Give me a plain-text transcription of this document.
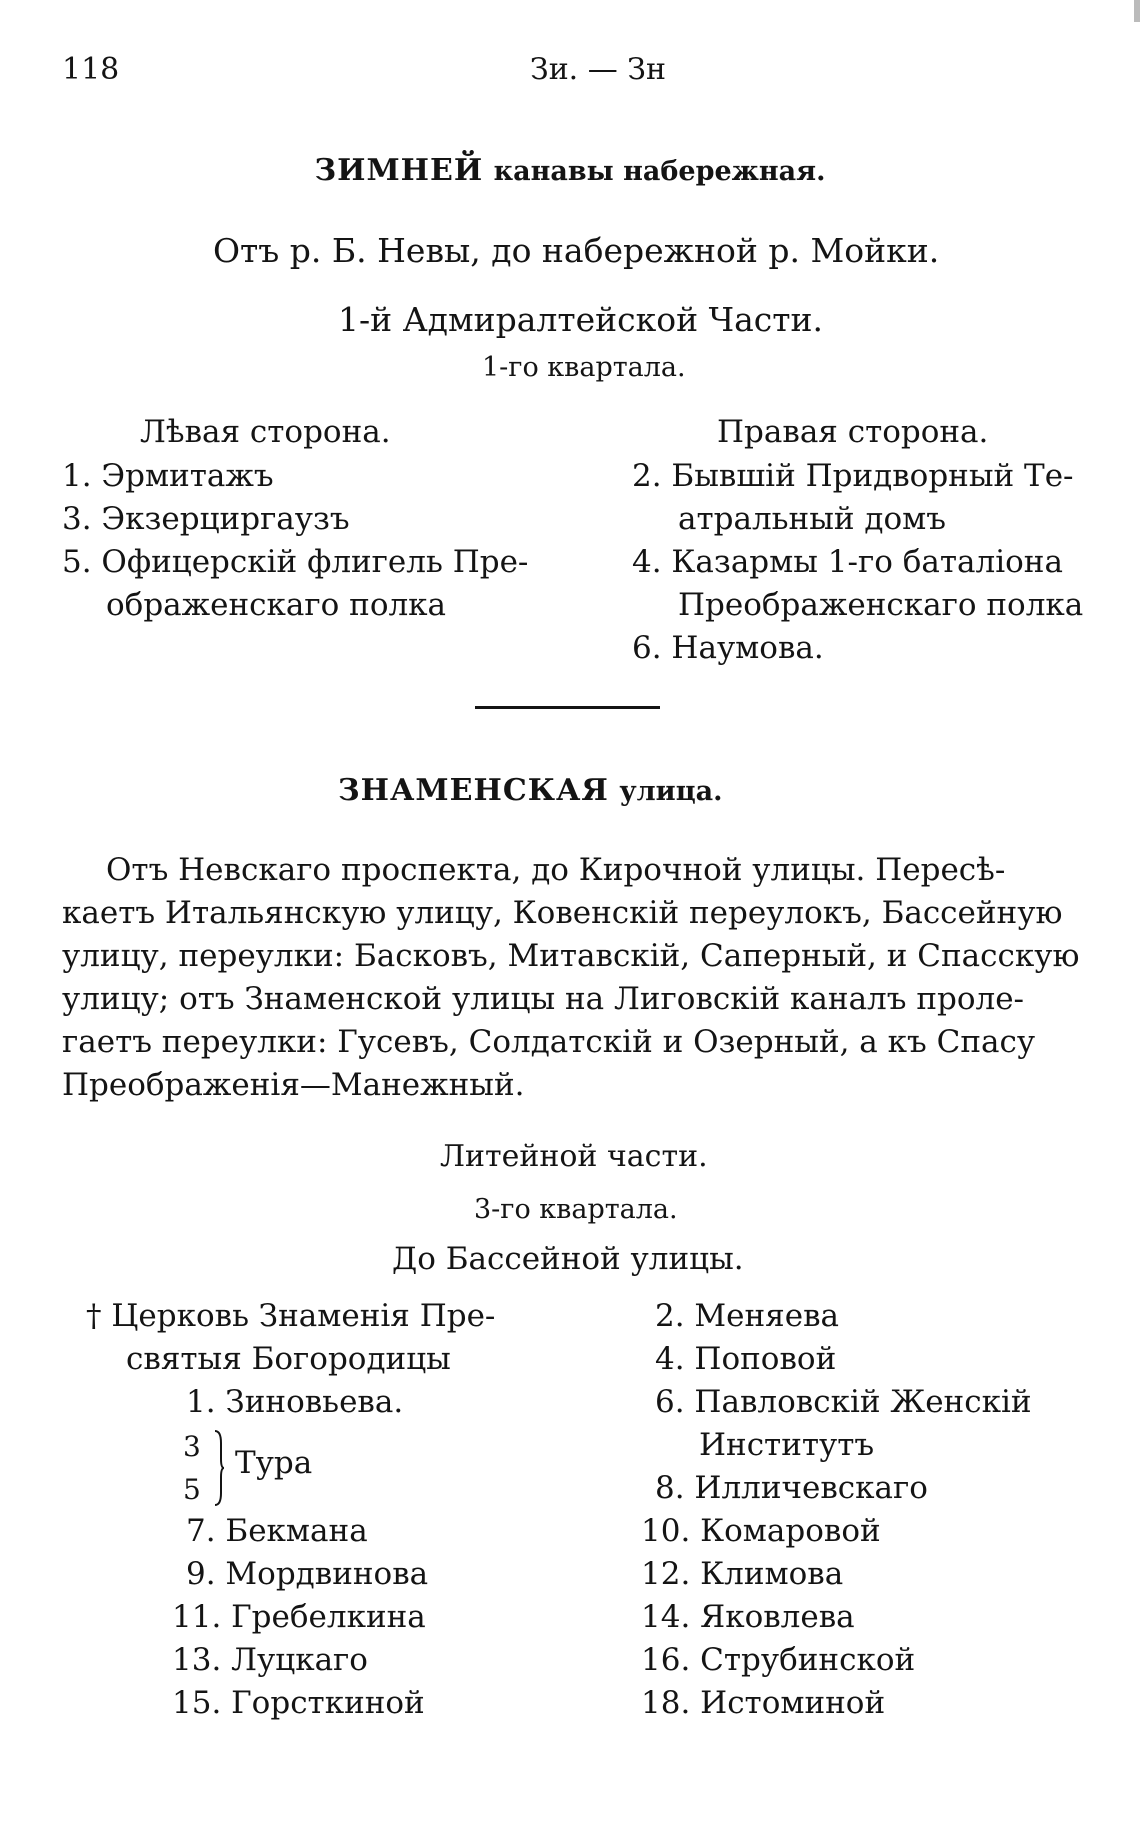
118	Зи. — Зн
ЗИМНЕЙ канавы набережная.
Отъ р. Б. Невы, до набережной р. Мойки.
1-й Адмиралтейской Части.
1-го квартала.
Лѣвая сторона.	Правая сторона.
1. Эрмитажъ
3. Экзерциргаузъ
5. Офицерскій флигель Пре-
ображенскаго полка
2. Бывшій Придворный Те-
атральный домъ
4. Казармы 1-го баталіона
Преображенскаго полка
6. Наумова.
ЗНАМЕНСКАЯ улица.
Отъ Невскаго проспекта, до Кирочной улицы. Пересѣ-
каетъ Итальянскую улицу, Ковенскій переулокъ, Бассейную
улицу, переулки: Басковъ, Митавскій, Саперный, и Спасскую
улицу; отъ Знаменской улицы на Лиговскій каналъ проле-
гаетъ переулки: Гусевъ, Солдатскій и Озерный, а къ Спасу
Преображенія—Манежный.
Литейной части.
3-го квартала.
До Бассейной улицы.
† Церковь Знаменія Пре-
святыя Богородицы
1. Зиновьева.
3
5
Тура
7. Бекмана
9. Мордвинова
11. Гребелкина
13. Луцкаго
15. Горсткиной
2. Меняева
4. Поповой
6. Павловскій Женскій
Институтъ
8. Илличевскаго
10. Комаровой
12. Климова
14. Яковлева
16. Струбинской
18. Истоминой
